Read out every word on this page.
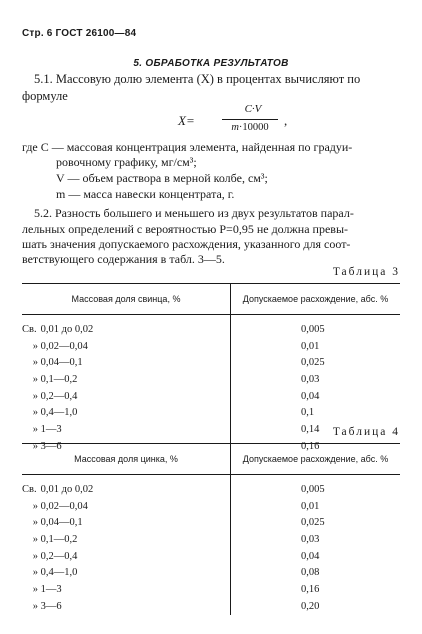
Стр. 6 ГОСТ 26100—84
5. ОБРАБОТКА РЕЗУЛЬТАТОВ
5.1. Массовую долю элемента (X) в процентах вычисляют по
формуле
X=
C·V
m·10000	,
где C — массовая концентрация элемента, найденная по градуи-
ровочному графику, мг/см³;
V — объем раствора в мерной колбе, см³;
m — масса навески концентрата, г.
5.2. Разность большего и меньшего из двух результатов парал-
лельных определений с вероятностью P=0,95 не должна превы-
шать значения допускаемого расхождения, указанного для соот-
ветствующего содержания в табл. 3—5.
Таблица 3
Массовая доля свинца, %	Допускаемое расхождение, абс. %
Св. 0,01 до 0,02	0,005
» 0,02—0,04	0,01
» 0,04—0,1	0,025
» 0,1—0,2	0,03
» 0,2—0,4	0,04
» 0,4—1,0	0,1
» 1—3	0,14
» 3—6	0,16
Таблица 4
Массовая доля цинка, %	Допускаемое расхождение, абс. %
Св. 0,01 до 0,02	0,005
» 0,02—0,04	0,01
» 0,04—0,1	0,025
» 0,1—0,2	0,03
» 0,2—0,4	0,04
» 0,4—1,0	0,08
» 1—3	0,16
» 3—6	0,20
